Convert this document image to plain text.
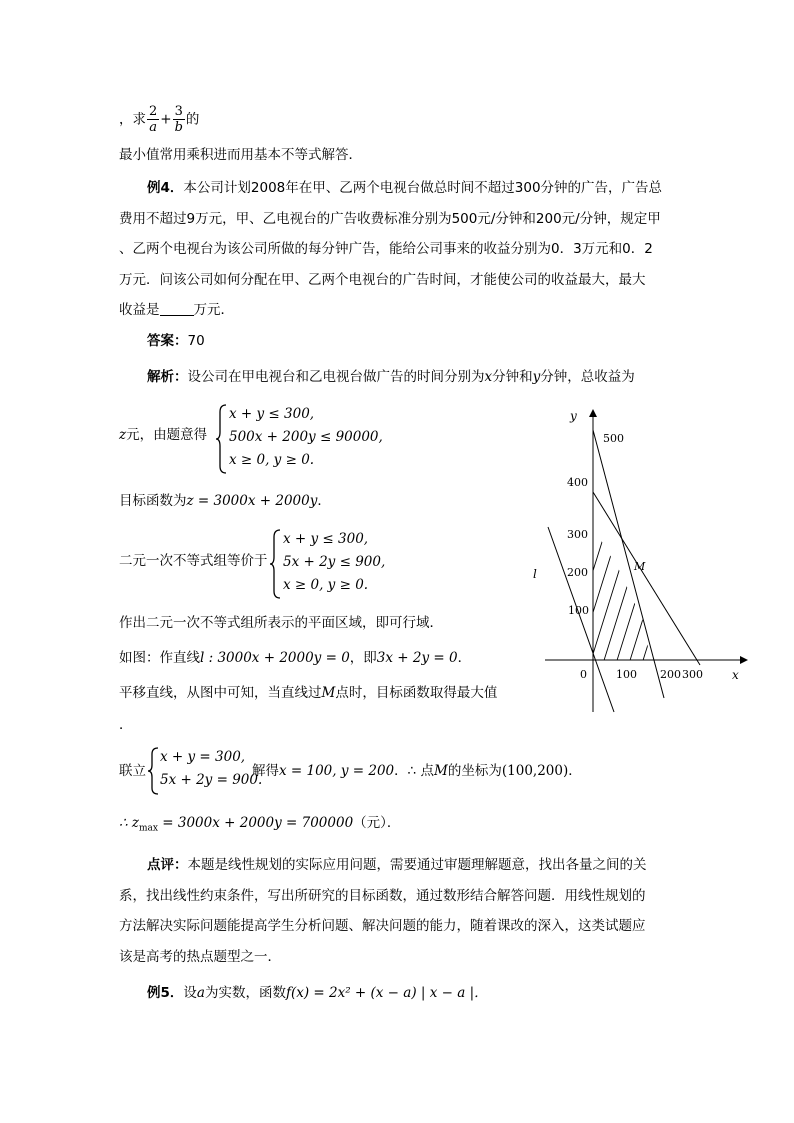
，求 $\frac{2}{a} + \frac{3}{b}$ 的
最小值常用乘积进而用基本不等式解答．
例4．本公司计划2008年在甲、乙两个电视台做总时间不超过300分钟的广告，广告总
费用不超过9万元，甲、乙电视台的广告收费标准分别为500元/分钟和200元/分钟，规定甲
、乙两个电视台为该公司所做的每分钟广告，能给公司事来的收益分别为0．3万元和0．2
万元．问该公司如何分配在甲、乙两个电视台的广告时间，才能使公司的收益最大，最大
收益是	万元．
答案：70
解析：设公司在甲电视台和乙电视台做广告的时间分别为x分钟和y分钟，总收益为
z元，由题意得
x + y ≤ 300,
500x + 200y ≤ 90000,
x ≥ 0, y ≥ 0.
目标函数为z = 3000x + 2000y．
二元一次不等式组等价于
x + y ≤ 300,
5x + 2y ≤ 900,
x ≥ 0, y ≥ 0.
作出二元一次不等式组所表示的平面区域，即可行域．
如图：作直线l : 3000x + 2000y = 0，即3x + 2y = 0．
平移直线，从图中可知，当直线过M点时，目标函数取得最大值
．
联立
x + y = 300,
5x + 2y = 900.
解得x = 100, y = 200．∴ 点M的坐标为(100,200)．
∴ $z_{max} = 3000x + 2000y = 700000$（元）．
点评：本题是线性规划的实际应用问题，需要通过审题理解题意，找出各量之间的关
系，找出线性约束条件，写出所研究的目标函数，通过数形结合解答问题．用线性规划的
方法解决实际问题能提高学生分析问题、解决问题的能力，随着课改的深入，这类试题应
该是高考的热点题型之一．
例5．设a为实数，函数f(x) = 2x² + (x − a) | x − a |．
y
x
0	100 200 300
100
200
300
400
500
M
l
